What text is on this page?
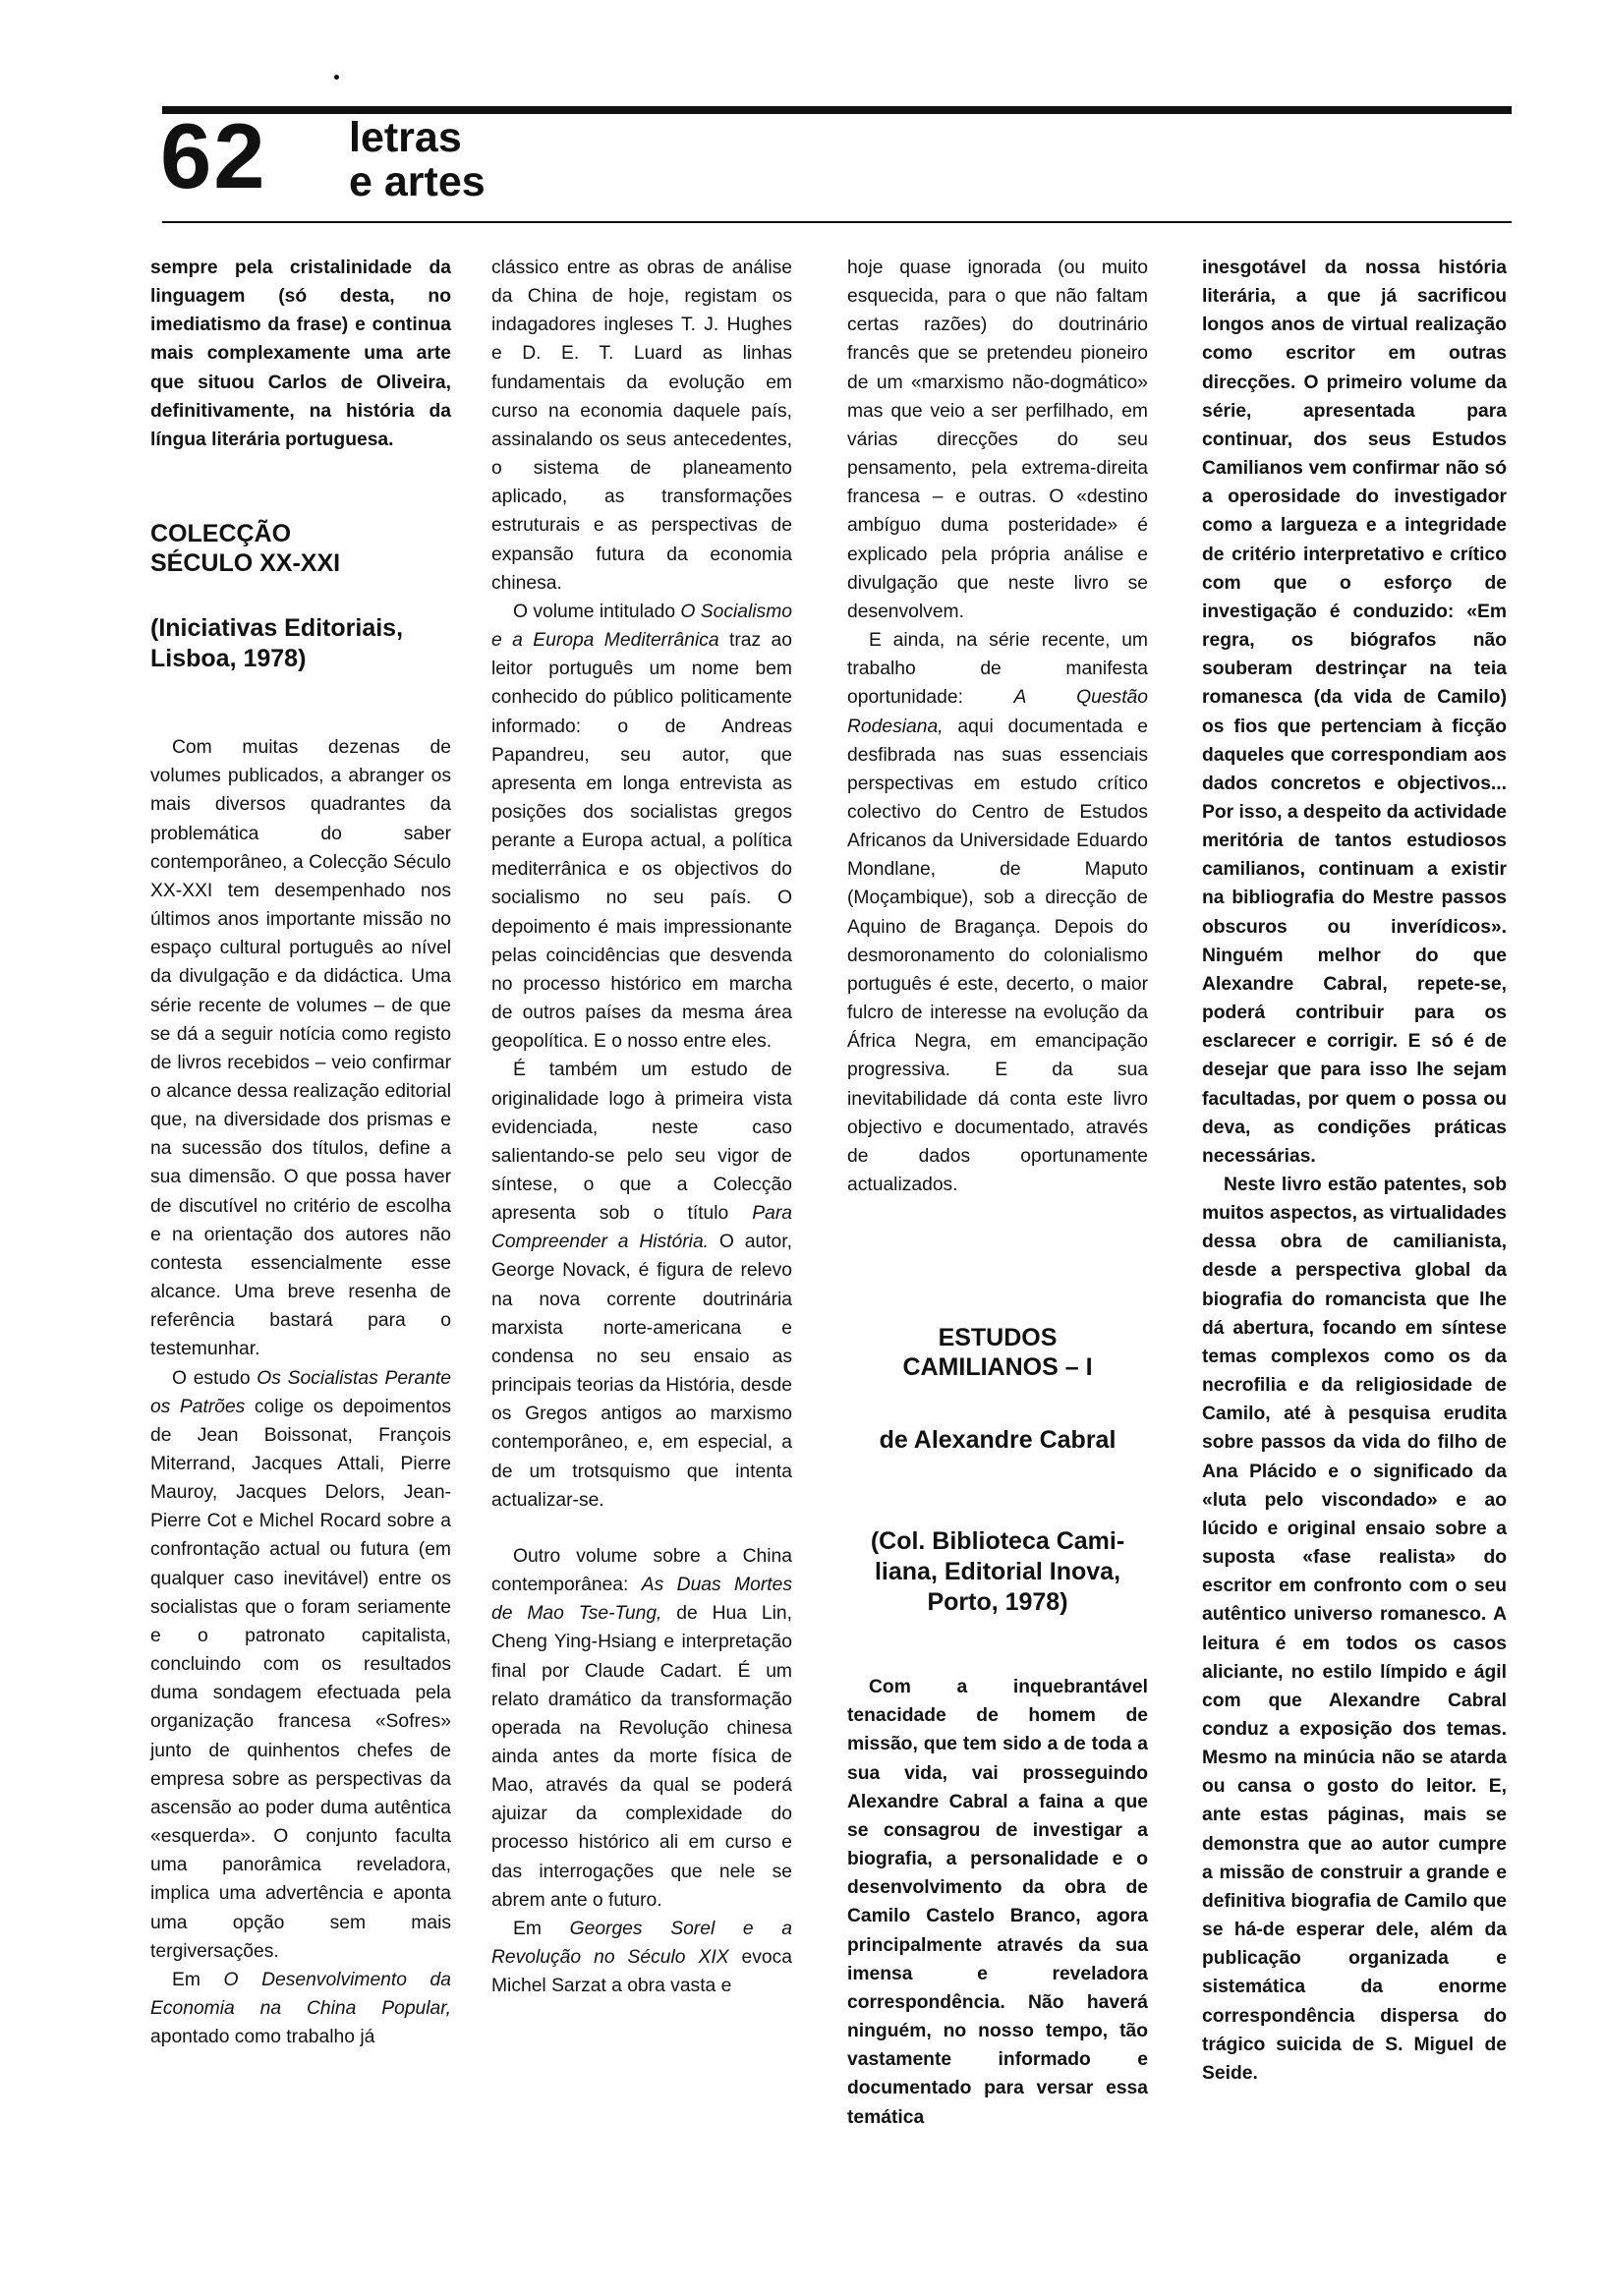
62 letras
e artes

sempre pela cristalinidade da linguagem (só desta, no imediatismo da frase) e continua mais complexamente uma arte que situou Carlos de Oliveira, definitivamente, na história da língua literária portuguesa.

COLECÇÃO

SÉCULO XX-XXI

(Iniciativas Editoriais,

Lisboa, 1978)

Com muitas dezenas de volumes publicados, a abranger os mais diversos quadrantes da problemática do saber contemporâneo, a Colecção Século XX-XXI tem desempenhado nos últimos anos importante missão no espaço cultural português ao nível da divulgação e da didáctica. Uma série recente de volumes – de que se dá a seguir notícia como registo de livros recebidos – veio confirmar o alcance dessa realização editorial que, na diversidade dos prismas e na sucessão dos títulos, define a sua dimensão. O que possa haver de discutível no critério de escolha e na orientação dos autores não contesta essencialmente esse alcance. Uma breve resenha de referência bastará para o testemunhar.

O estudo Os Socialistas Perante os Patrões colige os depoimentos de Jean Boissonat, François Miterrand, Jacques Attali, Pierre Mauroy, Jacques Delors, Jean-Pierre Cot e Michel Rocard sobre a confrontação actual ou futura (em qualquer caso inevitável) entre os socialistas que o foram seriamente e o patronato capitalista, concluindo com os resultados duma sondagem efectuada pela organização francesa «Sofres» junto de quinhentos chefes de empresa sobre as perspectivas da ascensão ao poder duma autêntica «esquerda». O conjunto faculta uma panorâmica reveladora, implica uma advertência e aponta uma opção sem mais tergiversações.

Em O Desenvolvimento da Economia na China Popular, apontado como trabalho já

clássico entre as obras de análise da China de hoje, registam os indagadores ingleses T. J. Hughes e D. E. T. Luard as linhas fundamentais da evolução em curso na economia daquele país, assinalando os seus antecedentes, o sistema de planeamento aplicado, as transformações estruturais e as perspectivas de expansão futura da economia chinesa.

O volume intitulado O Socialismo e a Europa Mediterrânica traz ao leitor português um nome bem conhecido do público politicamente informado: o de Andreas Papandreu, seu autor, que apresenta em longa entrevista as posições dos socialistas gregos perante a Europa actual, a política mediterrânica e os objectivos do socialismo no seu país. O depoimento é mais impressionante pelas coincidências que desvenda no processo histórico em marcha de outros países da mesma área geopolítica. E o nosso entre eles.

É também um estudo de originalidade logo à primeira vista evidenciada, neste caso salientando-se pelo seu vigor de síntese, o que a Colecção apresenta sob o título Para Compreender a História. O autor, George Novack, é figura de relevo na nova corrente doutrinária marxista norte-americana e condensa no seu ensaio as principais teorias da História, desde os Gregos antigos ao marxismo contemporâneo, e, em especial, a de um trotsquismo que intenta actualizar-se.

Outro volume sobre a China contemporânea: As Duas Mortes de Mao Tse-Tung, de Hua Lin, Cheng Ying-Hsiang e interpretação final por Claude Cadart. É um relato dramático da transformação operada na Revolução chinesa ainda antes da morte física de Mao, através da qual se poderá ajuizar da complexidade do processo histórico ali em curso e das interrogações que nele se abrem ante o futuro.

Em Georges Sorel e a Revolução no Século XIX evoca Michel Sarzat a obra vasta e

hoje quase ignorada (ou muito esquecida, para o que não faltam certas razões) do doutrinário francês que se pretendeu pioneiro de um «marxismo não-dogmático» mas que veio a ser perfilhado, em várias direcções do seu pensamento, pela extrema-direita francesa – e outras. O «destino ambíguo duma posteridade» é explicado pela própria análise e divulgação que neste livro se desenvolvem.

E ainda, na série recente, um trabalho de manifesta oportunidade: A Questão Rodesiana, aqui documentada e desfibrada nas suas essenciais perspectivas em estudo crítico colectivo do Centro de Estudos Africanos da Universidade Eduardo Mondlane, de Maputo (Moçambique), sob a direcção de Aquino de Bragança. Depois do desmoronamento do colonialismo português é este, decerto, o maior fulcro de interesse na evolução da África Negra, em emancipação progressiva. E da sua inevitabilidade dá conta este livro objectivo e documentado, através de dados oportunamente actualizados.

ESTUDOS

CAMILIANOS – I

de Alexandre Cabral

(Col. Biblioteca Cami-

liana, Editorial Inova,

Porto, 1978)

Com a inquebrantável tenacidade de homem de missão, que tem sido a de toda a sua vida, vai prosseguindo Alexandre Cabral a faina a que se consagrou de investigar a biografia, a personalidade e o desenvolvimento da obra de Camilo Castelo Branco, agora principalmente através da sua imensa e reveladora correspondência. Não haverá ninguém, no nosso tempo, tão vastamente informado e documentado para versar essa temática

inesgotável da nossa história literária, a que já sacrificou longos anos de virtual realização como escritor em outras direcções. O primeiro volume da série, apresentada para continuar, dos seus Estudos Camilianos vem confirmar não só a operosidade do investigador como a largueza e a integridade de critério interpretativo e crítico com que o esforço de investigação é conduzido: «Em regra, os biógrafos não souberam destrinçar na teia romanesca (da vida de Camilo) os fios que pertenciam à ficção daqueles que correspondiam aos dados concretos e objectivos... Por isso, a despeito da actividade meritória de tantos estudiosos camilianos, continuam a existir na bibliografia do Mestre passos obscuros ou inverídicos». Ninguém melhor do que Alexandre Cabral, repete-se, poderá contribuir para os esclarecer e corrigir. E só é de desejar que para isso lhe sejam facultadas, por quem o possa ou deva, as condições práticas necessárias.

Neste livro estão patentes, sob muitos aspectos, as virtualidades dessa obra de camilianista, desde a perspectiva global da biografia do romancista que lhe dá abertura, focando em síntese temas complexos como os da necrofilia e da religiosidade de Camilo, até à pesquisa erudita sobre passos da vida do filho de Ana Plácido e o significado da «luta pelo viscondado» e ao lúcido e original ensaio sobre a suposta «fase realista» do escritor em confronto com o seu autêntico universo romanesco. A leitura é em todos os casos aliciante, no estilo límpido e ágil com que Alexandre Cabral conduz a exposição dos temas. Mesmo na minúcia não se atarda ou cansa o gosto do leitor. E, ante estas páginas, mais se demonstra que ao autor cumpre a missão de construir a grande e definitiva biografia de Camilo que se há-de esperar dele, além da publicação organizada e sistemática da enorme correspondência dispersa do trágico suicida de S. Miguel de Seide.
